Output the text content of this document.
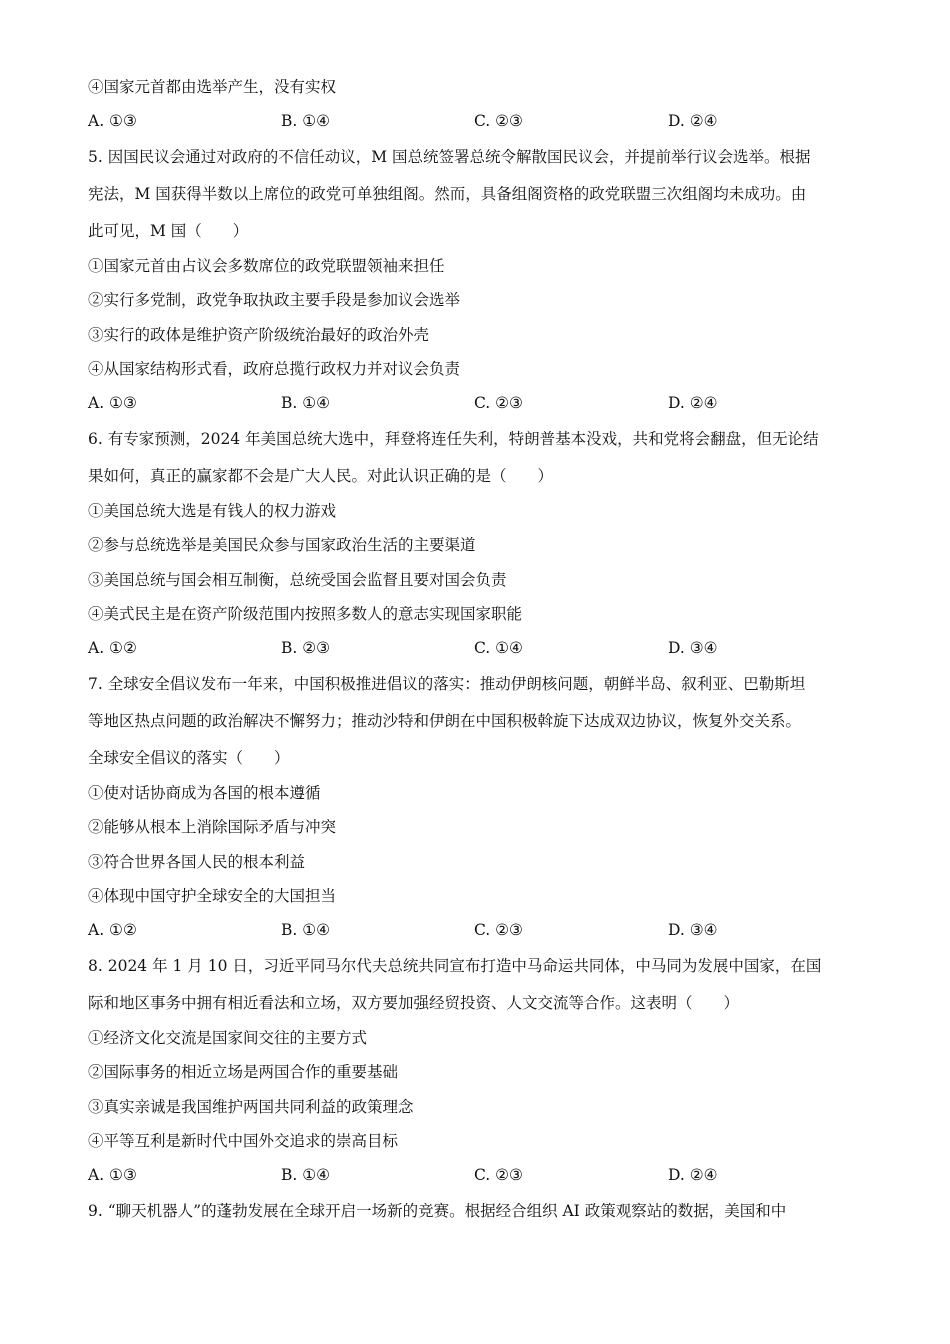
④国家元首都由选举产生，没有实权
A. ①③	B. ①④	C. ②③	D. ②④
5. 因国民议会通过对政府的不信任动议，M 国总统签署总统令解散国民议会，并提前举行议会选举。根据
宪法，M 国获得半数以上席位的政党可单独组阁。然而，具备组阁资格的政党联盟三次组阁均未成功。由
此可见，M 国（　　）
①国家元首由占议会多数席位的政党联盟领袖来担任
②实行多党制，政党争取执政主要手段是参加议会选举
③实行的政体是维护资产阶级统治最好的政治外壳
④从国家结构形式看，政府总揽行政权力并对议会负责
A. ①③	B. ①④	C. ②③	D. ②④
6. 有专家预测，2024 年美国总统大选中，拜登将连任失利，特朗普基本没戏，共和党将会翻盘，但无论结
果如何，真正的赢家都不会是广大人民。对此认识正确的是（　　）
①美国总统大选是有钱人的权力游戏
②参与总统选举是美国民众参与国家政治生活的主要渠道
③美国总统与国会相互制衡，总统受国会监督且要对国会负责
④美式民主是在资产阶级范围内按照多数人的意志实现国家职能
A. ①②	B. ②③	C. ①④	D. ③④
7. 全球安全倡议发布一年来，中国积极推进倡议的落实：推动伊朗核问题，朝鲜半岛、叙利亚、巴勒斯坦
等地区热点问题的政治解决不懈努力；推动沙特和伊朗在中国积极斡旋下达成双边协议，恢复外交关系。
全球安全倡议的落实（　　）
①使对话协商成为各国的根本遵循
②能够从根本上消除国际矛盾与冲突
③符合世界各国人民的根本利益
④体现中国守护全球安全的大国担当
A. ①②	B. ①④	C. ②③	D. ③④
8. 2024 年 1 月 10 日，习近平同马尔代夫总统共同宣布打造中马命运共同体，中马同为发展中国家，在国
际和地区事务中拥有相近看法和立场，双方要加强经贸投资、人文交流等合作。这表明（　　）
①经济文化交流是国家间交往的主要方式
②国际事务的相近立场是两国合作的重要基础
③真实亲诚是我国维护两国共同利益的政策理念
④平等互利是新时代中国外交追求的崇高目标
A. ①③	B. ①④	C. ②③	D. ②④
9. “聊天机器人”的蓬勃发展在全球开启一场新的竞赛。根据经合组织 AI 政策观察站的数据，美国和中
